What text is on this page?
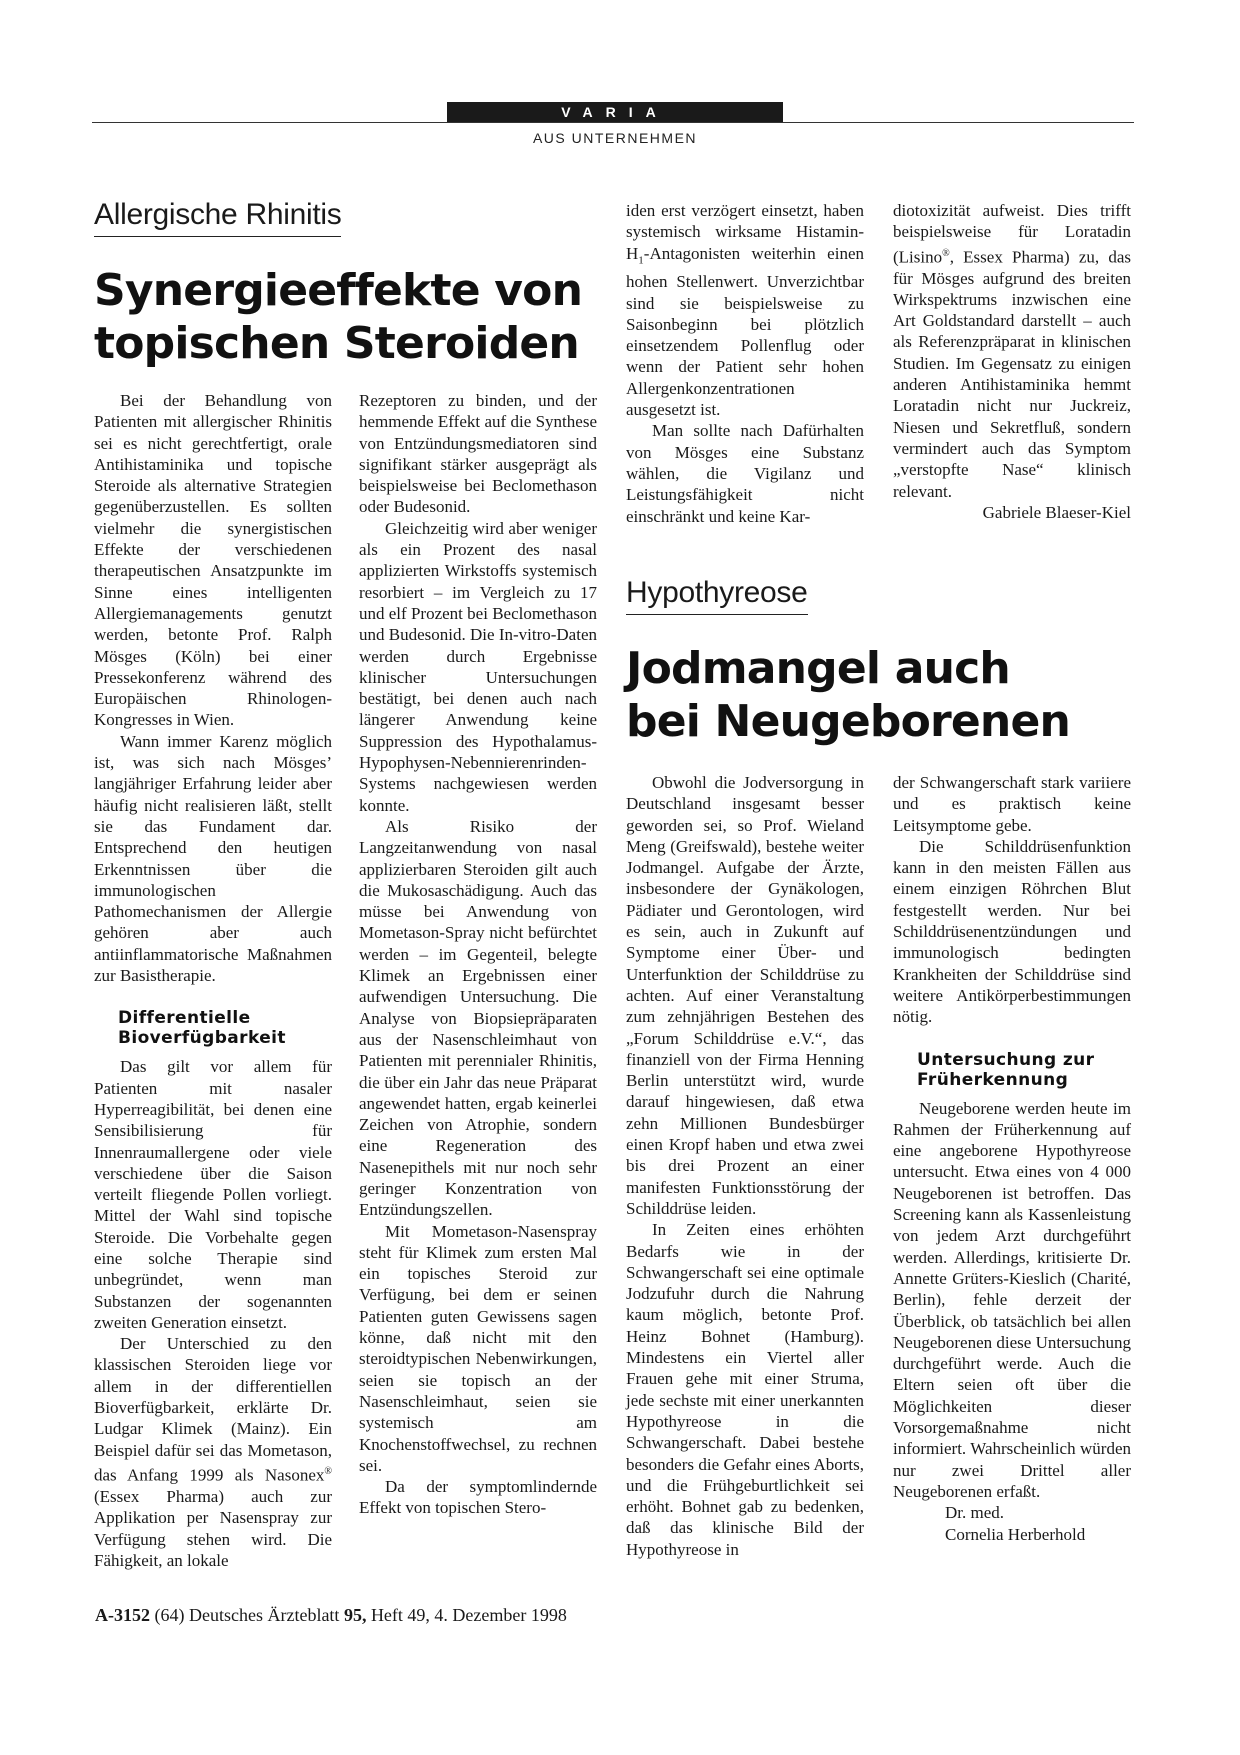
VARIA
AUS UNTERNEHMEN
Allergische Rhinitis
Synergieeffekte von
topischen Steroiden

Bei der Behandlung von Patienten mit allergischer Rhinitis sei es nicht gerechtfertigt, orale Antihistaminika und topische Steroide als alternative Strategien gegenüberzustellen. Es sollten vielmehr die synergistischen Effekte der verschiedenen therapeutischen Ansatzpunkte im Sinne eines intelligenten Allergiemanagements genutzt werden, betonte Prof. Ralph Mösges (Köln) bei einer Pressekonferenz während des Europäischen Rhinologen-Kongresses in Wien.

Wann immer Karenz möglich ist, was sich nach Mösges’ langjähriger Erfahrung leider aber häufig nicht realisieren läßt, stellt sie das Fundament dar. Entsprechend den heutigen Erkenntnissen über die immunologischen Pathomechanismen der Allergie gehören aber auch antiinflammatorische Maßnahmen zur Basistherapie.

Differentielle
Bioverfügbarkeit

Das gilt vor allem für Patienten mit nasaler Hyperreagibilität, bei denen eine Sensibilisierung für Innenraumallergene oder viele verschiedene über die Saison verteilt fliegende Pollen vorliegt. Mittel der Wahl sind topische Steroide. Die Vorbehalte gegen eine solche Therapie sind unbegründet, wenn man Substanzen der sogenannten zweiten Generation einsetzt.

Der Unterschied zu den klassischen Steroiden liege vor allem in der differentiellen Bioverfügbarkeit, erklärte Dr. Ludgar Klimek (Mainz). Ein Beispiel dafür sei das Mometason, das Anfang 1999 als Nasonex® (Essex Pharma) auch zur Applikation per Nasenspray zur Verfügung stehen wird. Die Fähigkeit, an lokale

Rezeptoren zu binden, und der hemmende Effekt auf die Synthese von Entzündungsmediatoren sind signifikant stärker ausgeprägt als beispielsweise bei Beclomethason oder Budesonid.

Gleichzeitig wird aber weniger als ein Prozent des nasal applizierten Wirkstoffs systemisch resorbiert – im Vergleich zu 17 und elf Prozent bei Beclomethason und Budesonid. Die In-vitro-Daten werden durch Ergebnisse klinischer Untersuchungen bestätigt, bei denen auch nach längerer Anwendung keine Suppression des Hypothalamus-Hypophysen-Nebennierenrinden-Systems nachgewiesen werden konnte.

Als Risiko der Langzeitanwendung von nasal applizierbaren Steroiden gilt auch die Mukosaschädigung. Auch das müsse bei Anwendung von Mometason-Spray nicht befürchtet werden – im Gegenteil, belegte Klimek an Ergebnissen einer aufwendigen Untersuchung. Die Analyse von Biopsiepräparaten aus der Nasenschleimhaut von Patienten mit perennialer Rhinitis, die über ein Jahr das neue Präparat angewendet hatten, ergab keinerlei Zeichen von Atrophie, sondern eine Regeneration des Nasenepithels mit nur noch sehr geringer Konzentration von Entzündungszellen.

Mit Mometason-Nasenspray steht für Klimek zum ersten Mal ein topisches Steroid zur Verfügung, bei dem er seinen Patienten guten Gewissens sagen könne, daß nicht mit den steroidtypischen Nebenwirkungen, seien sie topisch an der Nasenschleimhaut, seien sie systemisch am Knochenstoffwechsel, zu rechnen sei.

Da der symptomlindernde Effekt von topischen Stero-

iden erst verzögert einsetzt, haben systemisch wirksame Histamin-$H_1$-Antagonisten weiterhin einen hohen Stellenwert. Unverzichtbar sind sie beispielsweise zu Saisonbeginn bei plötzlich einsetzendem Pollenflug oder wenn der Patient sehr hohen Allergenkonzentrationen ausgesetzt ist.

Man sollte nach Dafürhalten von Mösges eine Substanz wählen, die Vigilanz und Leistungsfähigkeit nicht einschränkt und keine Kar-

diotoxizität aufweist. Dies trifft beispielsweise für Loratadin (Lisino®, Essex Pharma) zu, das für Mösges aufgrund des breiten Wirkspektrums inzwischen eine Art Goldstandard darstellt – auch als Referenzpräparat in klinischen Studien. Im Gegensatz zu einigen anderen Antihistaminika hemmt Loratadin nicht nur Juckreiz, Niesen und Sekretfluß, sondern vermindert auch das Symptom „verstopfte Nase“ klinisch relevant.

Gabriele Blaeser-Kiel

Hypothyreose
Jodmangel auch
bei Neugeborenen

Obwohl die Jodversorgung in Deutschland insgesamt besser geworden sei, so Prof. Wieland Meng (Greifswald), bestehe weiter Jodmangel. Aufgabe der Ärzte, insbesondere der Gynäkologen, Pädiater und Gerontologen, wird es sein, auch in Zukunft auf Symptome einer Über- und Unterfunktion der Schilddrüse zu achten. Auf einer Veranstaltung zum zehnjährigen Bestehen des „Forum Schilddrüse e.V.“, das finanziell von der Firma Henning Berlin unterstützt wird, wurde darauf hingewiesen, daß etwa zehn Millionen Bundesbürger einen Kropf haben und etwa zwei bis drei Prozent an einer manifesten Funktionsstörung der Schilddrüse leiden.

In Zeiten eines erhöhten Bedarfs wie in der Schwangerschaft sei eine optimale Jodzufuhr durch die Nahrung kaum möglich, betonte Prof. Heinz Bohnet (Hamburg). Mindestens ein Viertel aller Frauen gehe mit einer Struma, jede sechste mit einer unerkannten Hypothyreose in die Schwangerschaft. Dabei bestehe besonders die Gefahr eines Aborts, und die Frühgeburtlichkeit sei erhöht. Bohnet gab zu bedenken, daß das klinische Bild der Hypothyreose in

der Schwangerschaft stark variiere und es praktisch keine Leitsymptome gebe.

Die Schilddrüsenfunktion kann in den meisten Fällen aus einem einzigen Röhrchen Blut festgestellt werden. Nur bei Schilddrüsenentzündungen und immunologisch bedingten Krankheiten der Schilddrüse sind weitere Antikörperbestimmungen nötig.

Untersuchung zur
Früherkennung

Neugeborene werden heute im Rahmen der Früherkennung auf eine angeborene Hypothyreose untersucht. Etwa eines von 4 000 Neugeborenen ist betroffen. Das Screening kann als Kassenleistung von jedem Arzt durchgeführt werden. Allerdings, kritisierte Dr. Annette Grüters-Kieslich (Charité, Berlin), fehle derzeit der Überblick, ob tatsächlich bei allen Neugeborenen diese Untersuchung durchgeführt werde. Auch die Eltern seien oft über die Möglichkeiten dieser Vorsorgemaßnahme nicht informiert. Wahrscheinlich würden nur zwei Drittel aller Neugeborenen erfaßt.

Dr. med.

Cornelia Herberhold

A-3152 (64) Deutsches Ärzteblatt 95, Heft 49, 4. Dezember 1998
